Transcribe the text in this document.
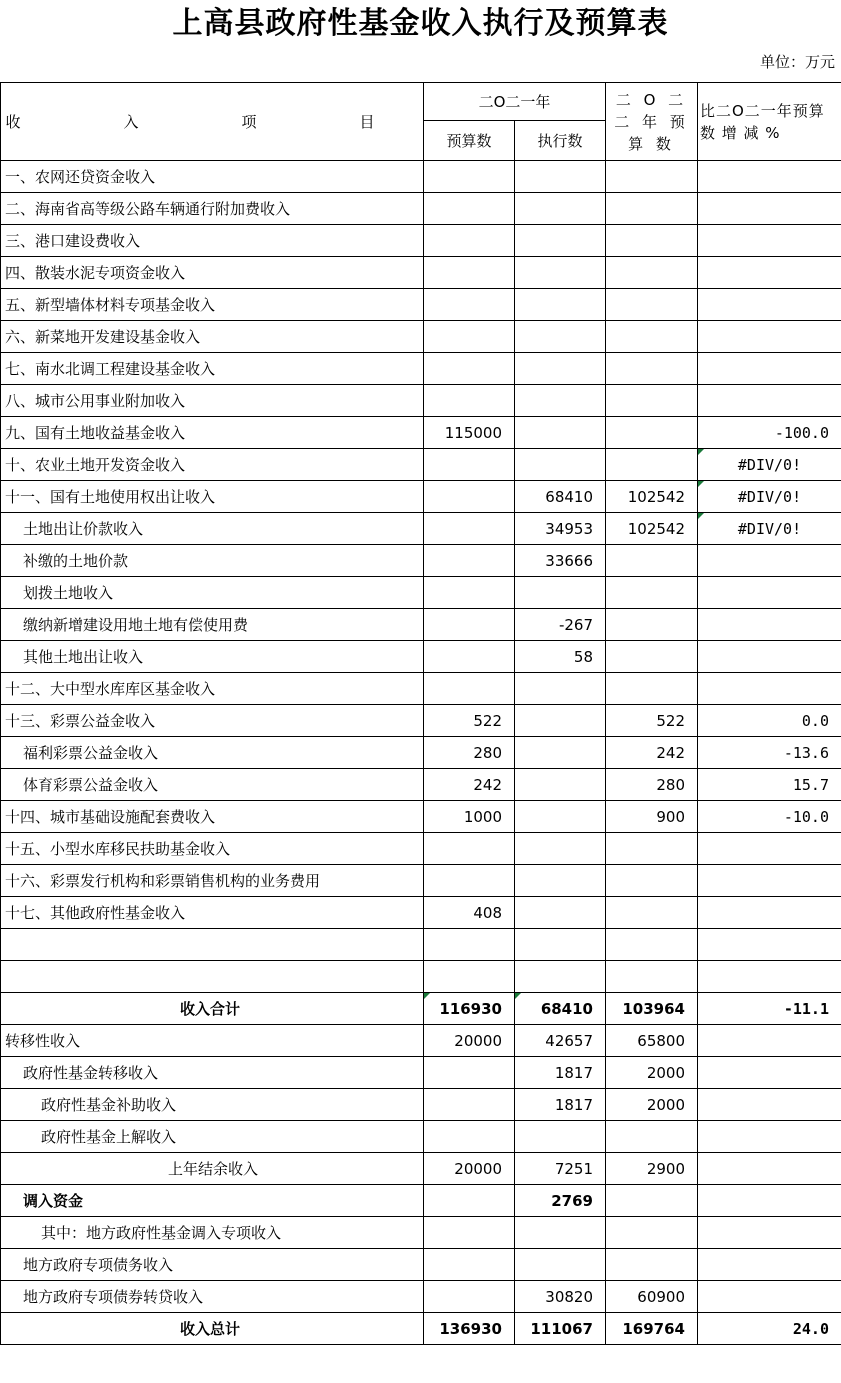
上高县政府性基金收入执行及预算表
单位：万元
收　入　项　目	二O二一年		二 O 二 二 年 预 算 数	比二O二一年预算数 增 减 %
	预算数	执行数		
一、农网还贷资金收入				
二、海南省高等级公路车辆通行附加费收入				
三、港口建设费收入				
四、散装水泥专项资金收入				
五、新型墙体材料专项基金收入				
六、新菜地开发建设基金收入				
七、南水北调工程建设基金收入				
八、城市公用事业附加收入				
九、国有土地收益基金收入	115000			-100.0
十、农业土地开发资金收入				#DIV/0!
十一、国有土地使用权出让收入		68410	102542	#DIV/0!
土地出让价款收入		34953	102542	#DIV/0!
补缴的土地价款		33666		
划拨土地收入				
缴纳新增建设用地土地有偿使用费		-267		
其他土地出让收入		58		
十二、大中型水库库区基金收入				
十三、彩票公益金收入	522		522	0.0
福利彩票公益金收入	280		242	-13.6
体育彩票公益金收入	242		280	15.7
十四、城市基础设施配套费收入	1000		900	-10.0
十五、小型水库移民扶助基金收入				
十六、彩票发行机构和彩票销售机构的业务费用				
十七、其他政府性基金收入	408			

收入合计	116930	68410	103964	-11.1
转移性收入	20000	42657	65800	
政府性基金转移收入		1817	2000	
政府性基金补助收入		1817	2000	
政府性基金上解收入				
上年结余收入	20000	7251	2900	
调入资金		2769		
其中：地方政府性基金调入专项收入				
地方政府专项债务收入				
地方政府专项债券转贷收入		30820	60900	
收入总计	136930	111067	169764	24.0
